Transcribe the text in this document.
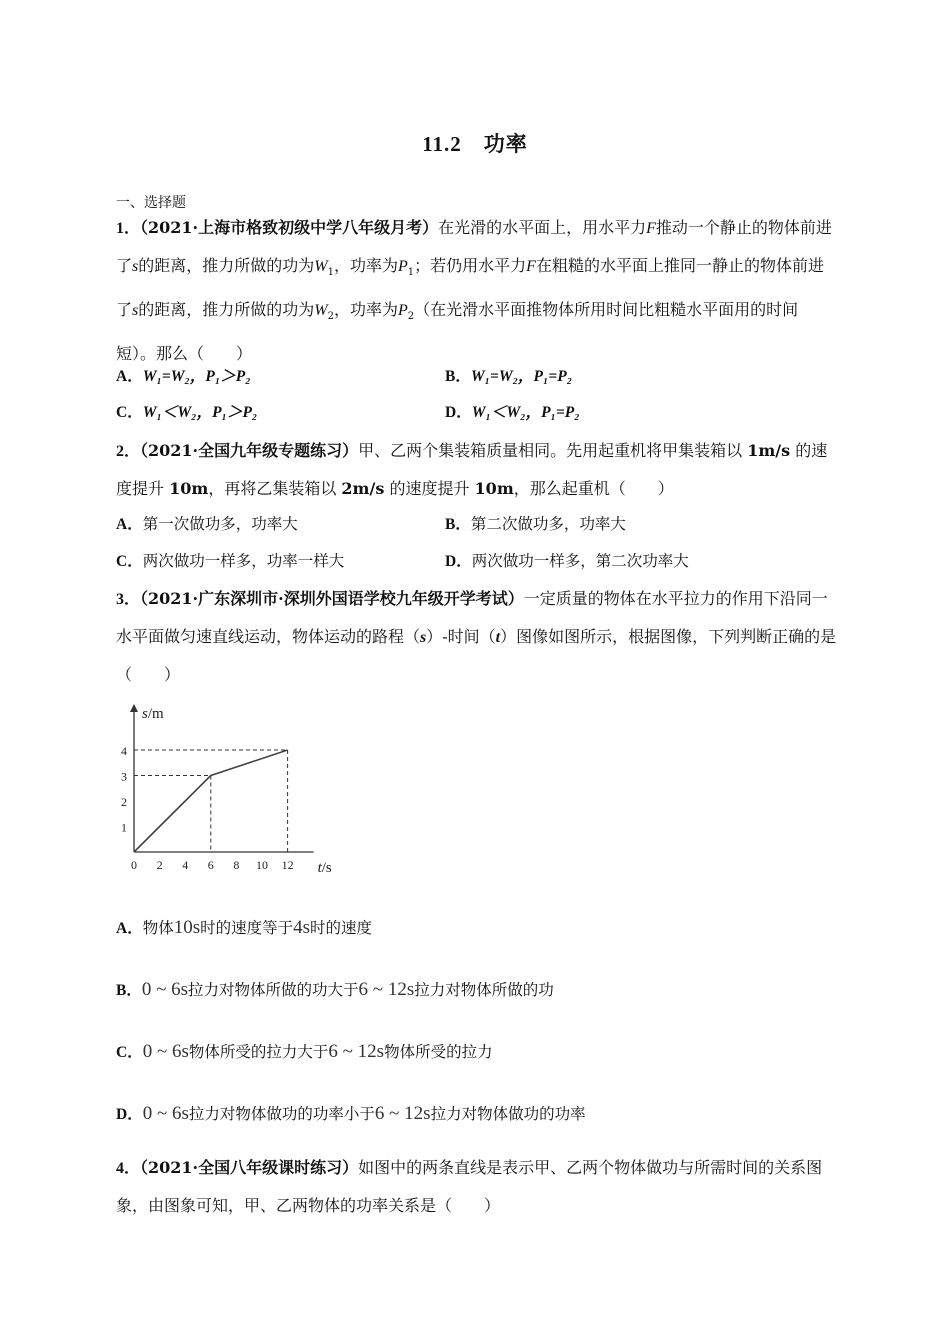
11.2 功率
一、选择题
1．（2021·上海市格致初级中学八年级月考）在光滑的水平面上，用水平力F推动一个静止的物体前进了s的距离，推力所做的功为$W_1$，功率为$P_1$；若仍用水平力F在粗糙的水平面上推同一静止的物体前进了s的距离，推力所做的功为$W_2$，功率为$P_2$（在光滑水平面推物体所用时间比粗糙水平面用的时间短）。那么（　　）
A．W₁=W₂，P₁＞P₂	B．W₁=W₂，P₁=P₂
C．W₁＜W₂，P₁＞P₂	D．W₁＜W₂，P₁=P₂
2．（2021·全国九年级专题练习）甲、乙两个集装箱质量相同。先用起重机将甲集装箱以 1m/s 的速度提升 10m，再将乙集装箱以 2m/s 的速度提升 10m，那么起重机（　　）
A．第一次做功多，功率大	B．第二次做功多，功率大
C．两次做功一样多，功率一样大	D．两次做功一样多，第二次功率大
3．（2021·广东深圳市·深圳外国语学校九年级开学考试）一定质量的物体在水平拉力的作用下沿同一水平面做匀速直线运动，物体运动的路程（s）-时间（t）图像如图所示，根据图像，下列判断正确的是（　　）
1
2
3
4
0 2 4 6 8 10 12
s/m
t/s
A．物体10s时的速度等于4s时的速度
B．0 ~ 6s拉力对物体所做的功大于6 ~ 12s拉力对物体所做的功
C．0 ~ 6s物体所受的拉力大于6 ~ 12s物体所受的拉力
D．0 ~ 6s拉力对物体做功的功率小于6 ~ 12s拉力对物体做功的功率
4．（2021·全国八年级课时练习）如图中的两条直线是表示甲、乙两个物体做功与所需时间的关系图象，由图象可知，甲、乙两物体的功率关系是（　　）
